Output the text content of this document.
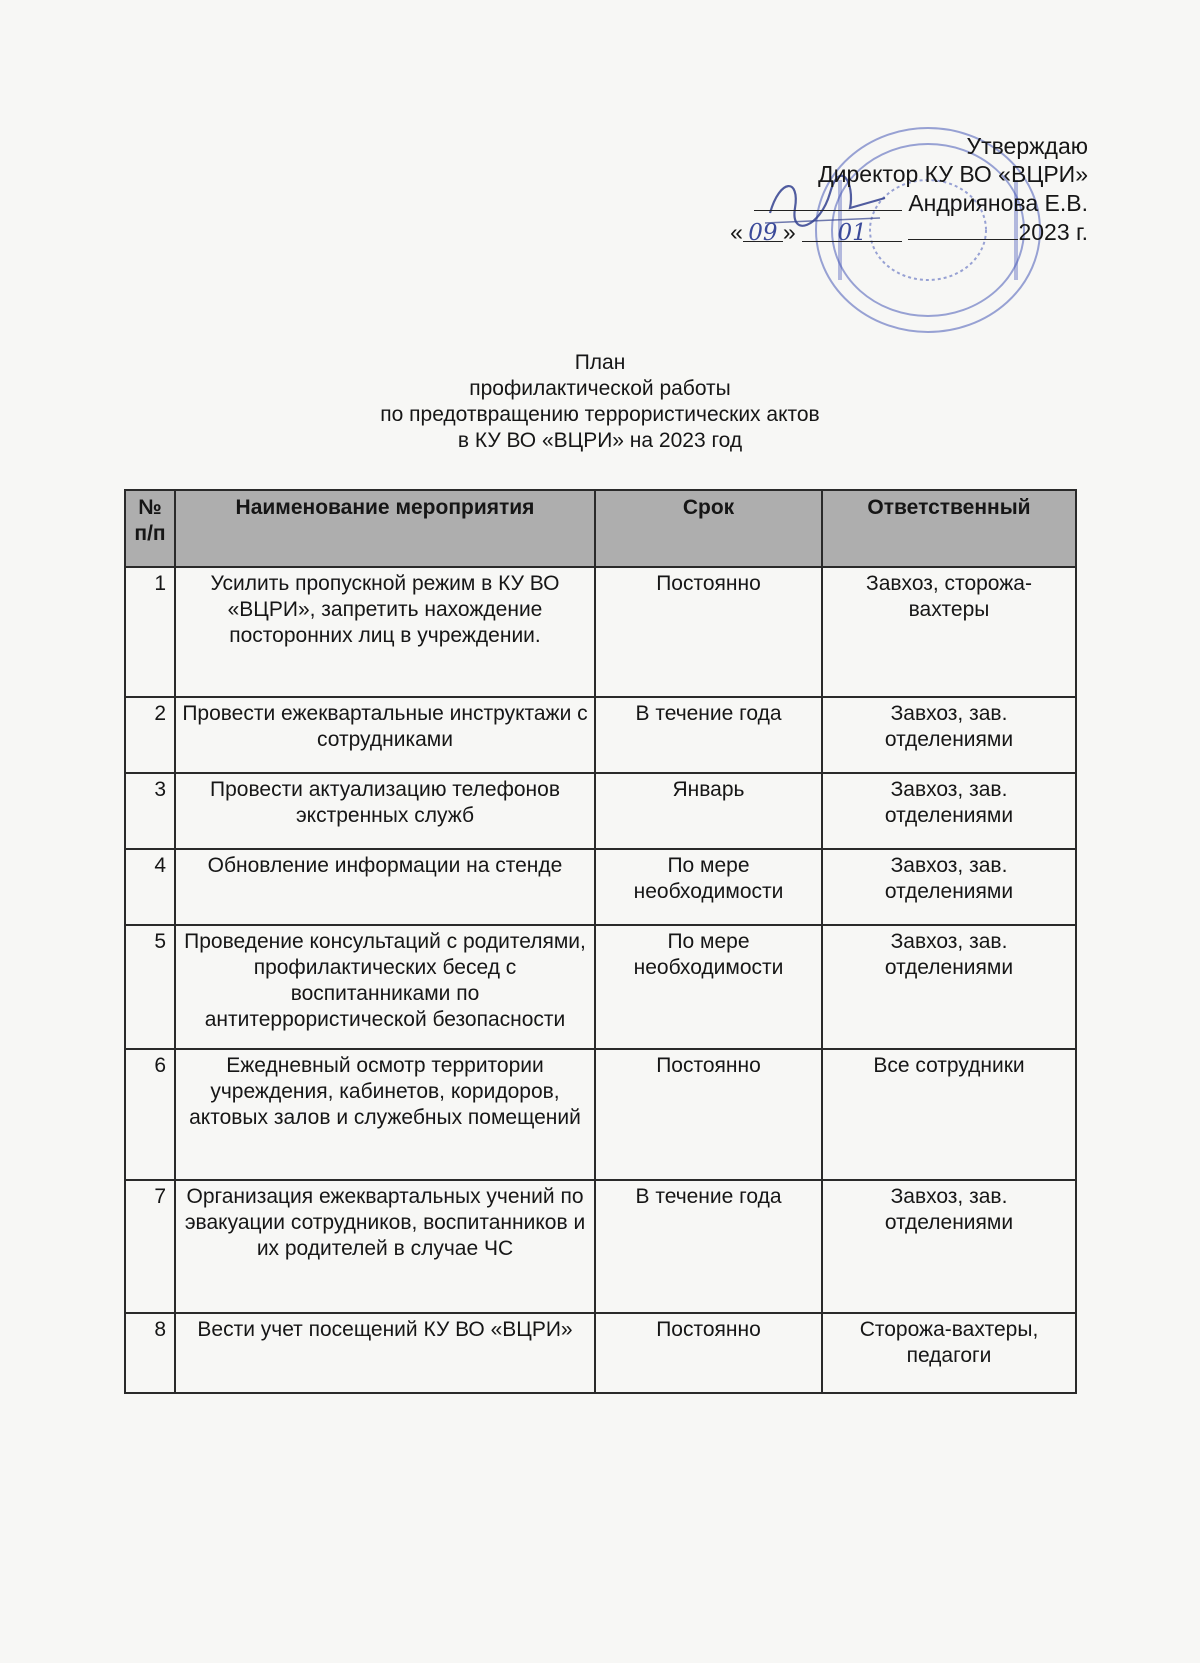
Утверждаю
Директор КУ ВО «ВЦРИ»
Андриянова Е.В.
« 09 » 01	2023 г.
План
профилактической работы
по предотвращению террористических актов
в КУ ВО «ВЦРИ» на 2023 год
№ п/п	Наименование мероприятия	Срок	Ответственный
1	Усилить пропускной режим в КУ ВО «ВЦРИ», запретить нахождение посторонних лиц в учреждении.	Постоянно	Завхоз, сторожа-вахтеры
2	Провести ежеквартальные инструктажи с сотрудниками	В течение года	Завхоз, зав. отделениями
3	Провести актуализацию телефонов экстренных служб	Январь	Завхоз, зав. отделениями
4	Обновление информации на стенде	По мере необходимости	Завхоз, зав. отделениями
5	Проведение консультаций с родителями, профилактических бесед с воспитанниками по антитеррористической безопасности	По мере необходимости	Завхоз, зав. отделениями
6	Ежедневный осмотр территории учреждения, кабинетов, коридоров, актовых залов и служебных помещений	Постоянно	Все сотрудники
7	Организация ежеквартальных учений по эвакуации сотрудников, воспитанников и их родителей в случае ЧС	В течение года	Завхоз, зав. отделениями
8	Вести учет посещений КУ ВО «ВЦРИ»	Постоянно	Сторожа-вахтеры, педагоги
